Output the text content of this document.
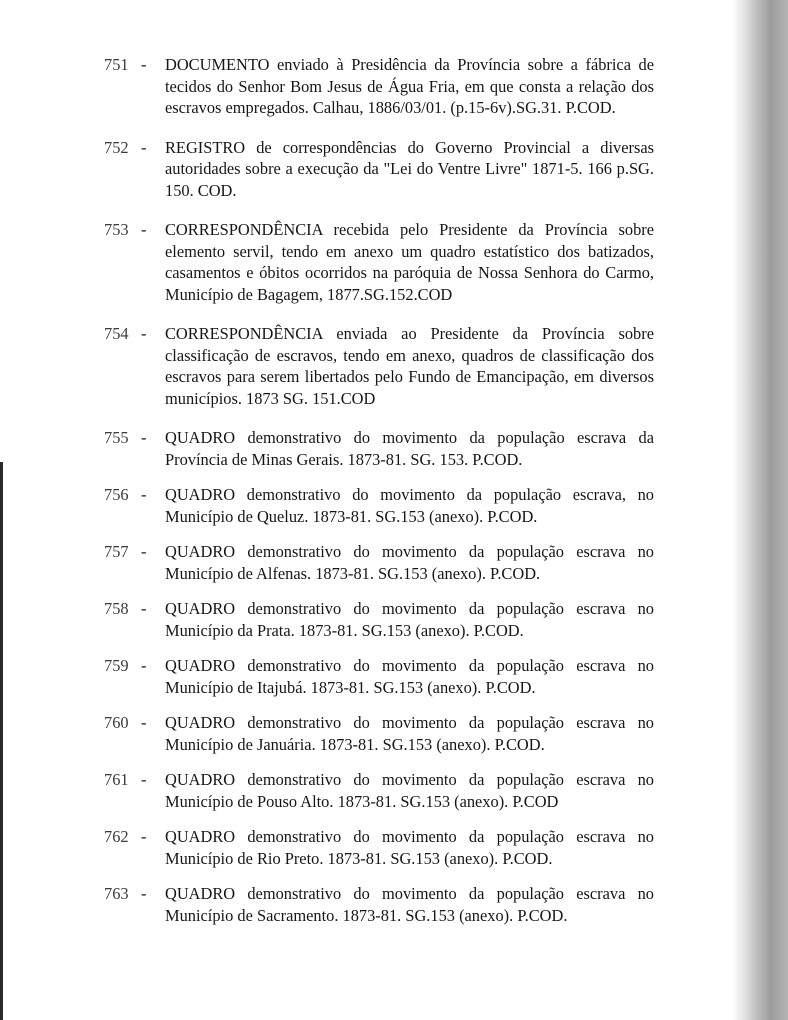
751 - DOCUMENTO enviado à Presidência da Província sobre a fábrica de tecidos do Senhor Bom Jesus de Água Fria, em que consta a relação dos escravos empregados. Calhau, 1886/03/01. (p.15-6v).SG.31. P.COD.
752 - REGISTRO de correspondências do Governo Provincial a diversas autoridades sobre a execução da "Lei do Ventre Livre" 1871-5. 166 p.SG. 150. COD.
753 - CORRESPONDÊNCIA recebida pelo Presidente da Província sobre elemento servil, tendo em anexo um quadro estatístico dos batizados, casamentos e óbitos ocorridos na paróquia de Nossa Senhora do Carmo, Município de Bagagem, 1877.SG.152.COD
754 - CORRESPONDÊNCIA enviada ao Presidente da Província sobre classificação de escravos, tendo em anexo, quadros de classificação dos escravos para serem libertados pelo Fundo de Emancipação, em diversos municípios. 1873 SG. 151.COD
755 - QUADRO demonstrativo do movimento da população escrava da Província de Minas Gerais. 1873-81. SG. 153. P.COD.
756 - QUADRO demonstrativo do movimento da população escrava, no Município de Queluz. 1873-81. SG.153 (anexo). P.COD.
757 - QUADRO demonstrativo do movimento da população escrava no Município de Alfenas. 1873-81. SG.153 (anexo). P.COD.
758 - QUADRO demonstrativo do movimento da população escrava no Município da Prata. 1873-81. SG.153 (anexo). P.COD.
759 - QUADRO demonstrativo do movimento da população escrava no Município de Itajubá. 1873-81. SG.153 (anexo). P.COD.
760 - QUADRO demonstrativo do movimento da população escrava no Município de Januária. 1873-81. SG.153 (anexo). P.COD.
761 - QUADRO demonstrativo do movimento da população escrava no Município de Pouso Alto. 1873-81. SG.153 (anexo). P.COD
762 - QUADRO demonstrativo do movimento da população escrava no Município de Rio Preto. 1873-81. SG.153 (anexo). P.COD.
763 - QUADRO demonstrativo do movimento da população escrava no Município de Sacramento. 1873-81. SG.153 (anexo). P.COD.
